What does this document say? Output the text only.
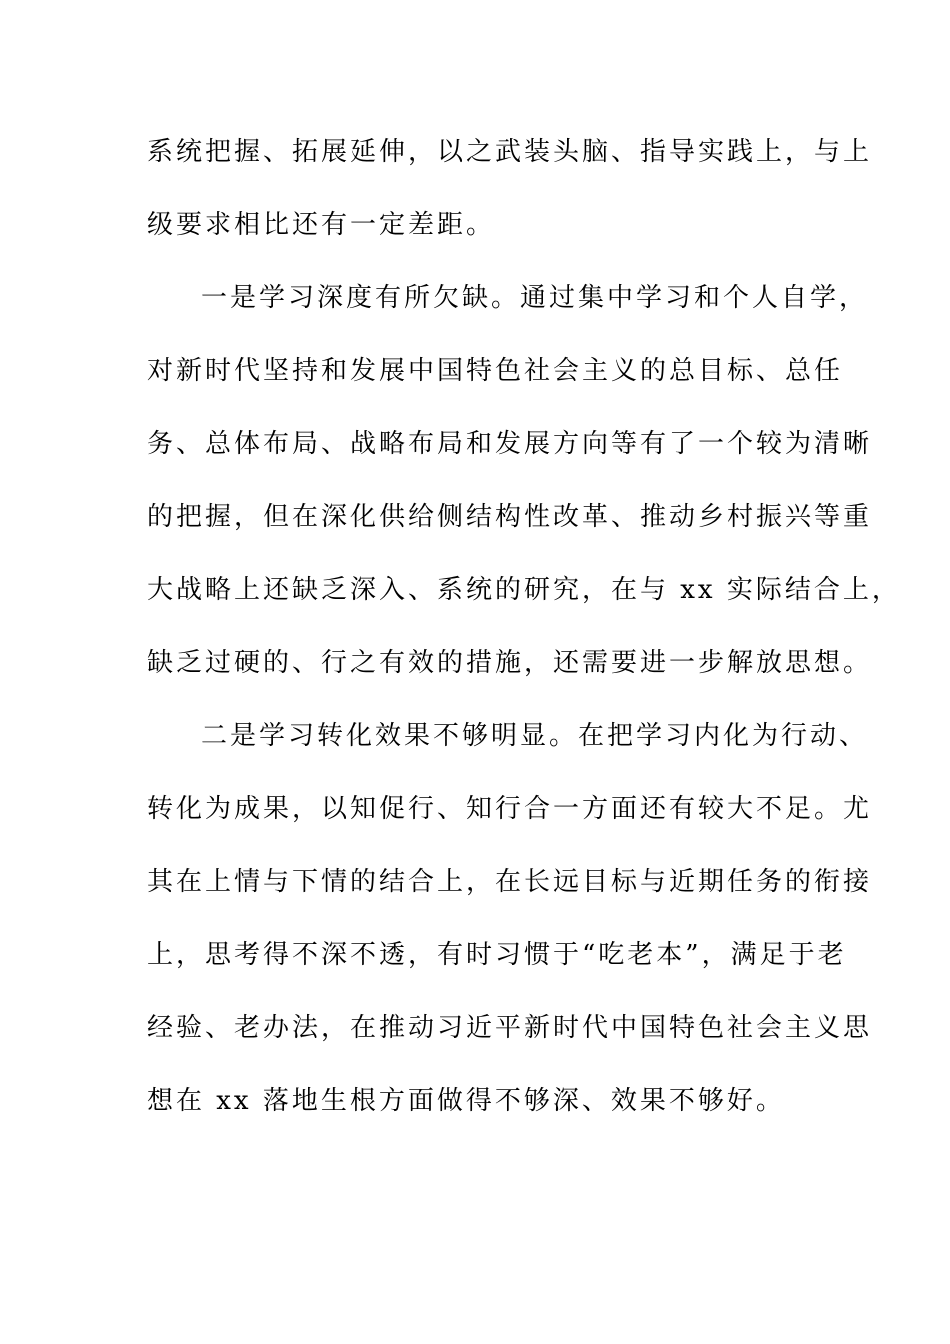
系统把握、拓展延伸，以之武装头脑、指导实践上，与上
级要求相比还有一定差距。
一是学习深度有所欠缺。通过集中学习和个人自学，
对新时代坚持和发展中国特色社会主义的总目标、总任
务、总体布局、战略布局和发展方向等有了一个较为清晰
的把握，但在深化供给侧结构性改革、推动乡村振兴等重
大战略上还缺乏深入、系统的研究，在与 xx 实际结合上，
缺乏过硬的、行之有效的措施，还需要进一步解放思想。
二是学习转化效果不够明显。在把学习内化为行动、
转化为成果，以知促行、知行合一方面还有较大不足。尤
其在上情与下情的结合上，在长远目标与近期任务的衔接
上，思考得不深不透，有时习惯于“吃老本”，满足于老
经验、老办法，在推动习近平新时代中国特色社会主义思
想在 xx 落地生根方面做得不够深、效果不够好。
